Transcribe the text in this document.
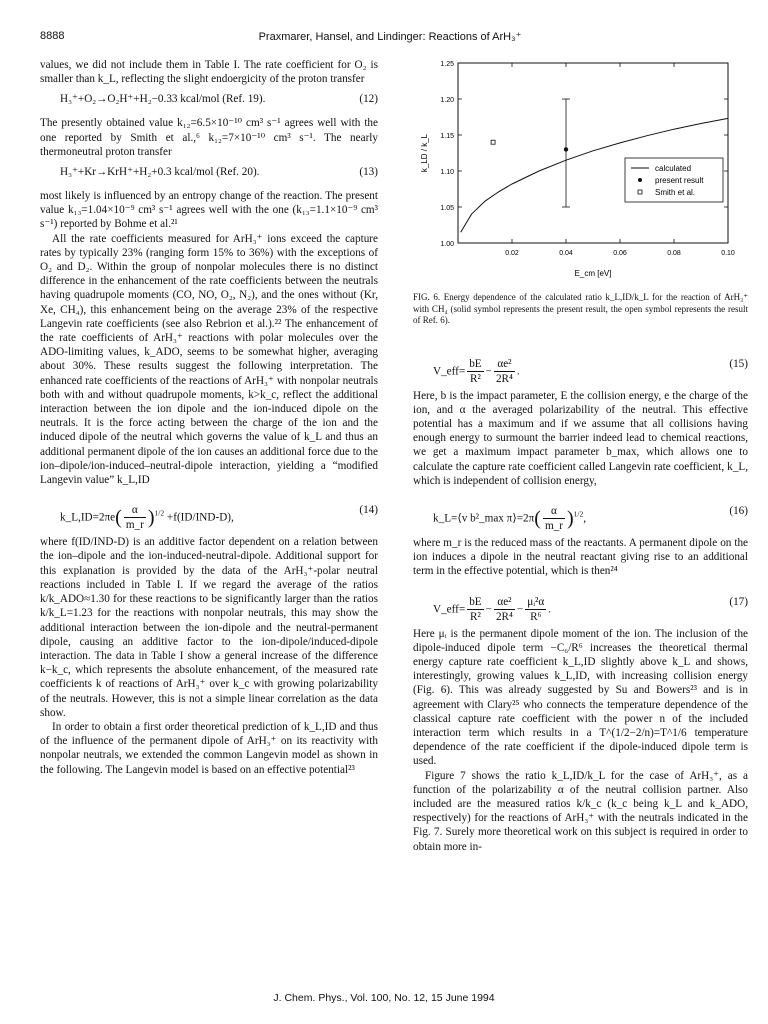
8888	Praxmarer, Hansel, and Lindinger: Reactions of ArH₃⁺

values, we did not include them in Table I. The rate coefficient for O₂ is smaller than k_L, reflecting the slight endoergicity of the proton transfer

H₃⁺+O₂→O₂H⁺+H₂−0.33 kcal/mol (Ref. 19).	(12)

The presently obtained value k₁₂=6.5×10⁻¹⁰ cm³ s⁻¹ agrees well with the one reported by Smith et al.,⁶ k₁₂=7×10⁻¹⁰ cm³ s⁻¹. The nearly thermoneutral proton transfer

H₃⁺+Kr→KrH⁺+H₂+0.3 kcal/mol (Ref. 20).	(13)

most likely is influenced by an entropy change of the reaction. The present value k₁₃=1.04×10⁻⁹ cm³ s⁻¹ agrees well with the one (k₁₃=1.1×10⁻⁹ cm³ s⁻¹) reported by Bohme et al.²¹

All the rate coefficients measured for ArH₃⁺ ions exceed the capture rates by typically 23% (ranging form 15% to 36%) with the exceptions of O₂ and D₂. Within the group of nonpolar molecules there is no distinct difference in the enhancement of the rate coefficients between the neutrals having quadrupole moments (CO, NO, O₂, N₂), and the ones without (Kr, Xe, CH₄), this enhancement being on the average 23% of the respective Langevin rate coefficients (see also Rebrion et al.).²² The enhancement of the rate coefficients of ArH₃⁺ reactions with polar molecules over the ADO-limiting values, k_ADO, seems to be somewhat higher, averaging about 30%. These results suggest the following interpretation. The enhanced rate coefficients of the reactions of ArH₃⁺ with nonpolar neutrals both with and without quadrupole moments, k>k_c, reflect the additional interaction between the ion dipole and the ion-induced dipole on the neutrals. It is the force acting between the charge of the ion and the induced dipole of the neutral which governs the value of k_L and thus an additional permanent dipole of the ion causes an additional force due to the ion–dipole/ion-induced–neutral-dipole interaction, yielding a “modified Langevin value” k_L,ID

k_L,ID=2πe( $\frac{\alpha}{m\_r} )^{1/2} +f(ID/IND-D)$,
(14)

where f(ID/IND-D) is an additive factor dependent on a relation between the ion–dipole and the ion-induced-neutral-dipole. Additional support for this explanation is provided by the data of the ArH₃⁺-polar neutral reactions included in Table I. If we regard the average of the ratios k/k_ADO≈1.30 for these reactions to be significantly larger than the ratios k/k_L=1.23 for the reactions with nonpolar neutrals, this may show the additional interaction between the ion-dipole and the neutral-permanent dipole, causing an additive factor to the ion-dipole/induced-dipole interaction. The data in Table I show a general increase of the difference k−k_c, which represents the absolute enhancement, of the measured rate coefficients k of reactions of ArH₃⁺ over k_c with growing polarizability of the neutrals. However, this is not a simple linear correlation as the data show.

In order to obtain a first order theoretical prediction of k_L,ID and thus of the influence of the permanent dipole of ArH₃⁺ on its reactivity with nonpolar neutrals, we extended the common Langevin model as shown in the following. The Langevin model is based on an effective potential²³

1.00
1.05
1.10
1.15
1.20
1.25
0.02	0.04	0.06	0.08	0.10
calculated
present result
Smith et al.
k_LD / k_L
E_cm [eV]

FIG. 6. Energy dependence of the calculated ratio k_L,ID/k_L for the reaction of ArH₃⁺ with CH₄ (solid symbol represents the present result, the open symbol represents the result of Ref. 6).

V_eff= $\frac{bE}{\text{R²}} - \frac{\text{αe²}}{\text{2R⁴}}$ .
(15)

Here, b is the impact parameter, E the collision energy, e the charge of the ion, and α the averaged polarizability of the neutral. This effective potential has a maximum and if we assume that all collisions having enough energy to surmount the barrier indeed lead to chemical reactions, we get a maximum impact parameter b_max, which allows one to calculate the capture rate coefficient called Langevin rate coefficient, k_L, which is independent of collision energy,

k_L=⟨v b²_max π⟩=2π( $\frac{\alpha}{m\_r} )^{1/2}$,
(16)

where m_r is the reduced mass of the reactants. A permanent dipole on the ion induces a dipole in the neutral reactant giving rise to an additional term in the effective potential, which is then²⁴

V_eff= $\frac{bE}{\text{R²}} - \frac{\text{αe²}}{\text{2R⁴}} - \frac{\text{μᵢ²α}}{\text{R⁶}}$ .
(17)

Here μᵢ is the permanent dipole moment of the ion. The inclusion of the dipole-induced dipole term −C₆/R⁶ increases the theoretical thermal energy capture rate coefficient k_L,ID slightly above k_L and shows, interestingly, growing values k_L,ID, with increasing collision energy (Fig. 6). This was already suggested by Su and Bowers²³ and is in agreement with Clary²⁵ who connects the temperature dependence of the classical capture rate coefficient with the power n of the included interaction term which results in a T^(1/2−2/n)=T^1/6 temperature dependence of the rate coefficient if the dipole-induced dipole term is used.

Figure 7 shows the ratio k_L,ID/k_L for the case of ArH₃⁺, as a function of the polarizability α of the neutral collision partner. Also included are the measured ratios k/k_c (k_c being k_L and k_ADO, respectively) for the reactions of ArH₃⁺ with the neutrals indicated in the Fig. 7. Surely more theoretical work on this subject is required in order to obtain more in-

J. Chem. Phys., Vol. 100, No. 12, 15 June 1994
